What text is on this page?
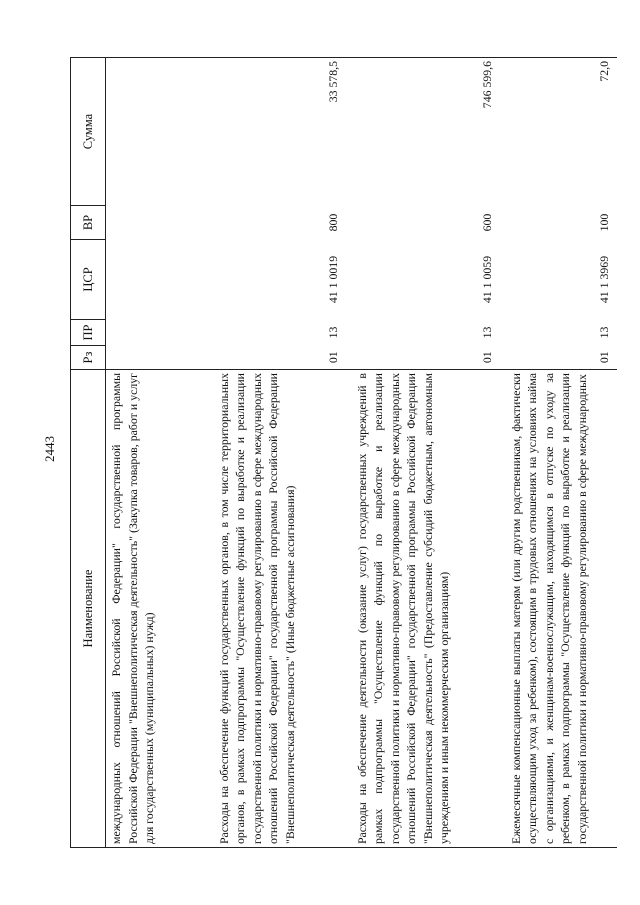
2443
Наименование	Рз	ПР	ЦСР	ВР	Сумма
международных отношений Российской Федерации" государственной программы Российской Федерации "Внешнеполитическая деятельность" (Закупка товаров, работ и услуг для государственных (муниципальных) нужд)					
Расходы на обеспечение функций государственных органов, в том числе территориальных органов, в рамках подпрограммы "Осуществление функций по выработке и реализации государственной политики и нормативно-правовому регулированию в сфере международных отношений Российской Федерации" государственной программы Российской Федерации "Внешнеполитическая деятельность" (Иные бюджетные ассигнования)	01	13	41 1 0019	800	33 578,5
Расходы на обеспечение деятельности (оказание услуг) государственных учреждений в рамках подпрограммы "Осуществление функций по выработке и реализации государственной политики и нормативно-правовому регулированию в сфере международных отношений Российской Федерации" государственной программы Российской Федерации "Внешнеполитическая деятельность" (Предоставление субсидий бюджетным, автономным учреждениям и иным некоммерческим организациям)	01	13	41 1 0059	600	746 599,6
Ежемесячные компенсационные выплаты матерям (или другим родственникам, фактически осуществляющим уход за ребенком), состоящим в трудовых отношениях на условиях найма с организациями, и женщинам-военнослужащим, находящимся в отпуске по уходу за ребенком, в рамках подпрограммы "Осуществление функций по выработке и реализации государственной политики и нормативно-правовому регулированию в сфере международных	01	13	41 1 3969	100	72,0
